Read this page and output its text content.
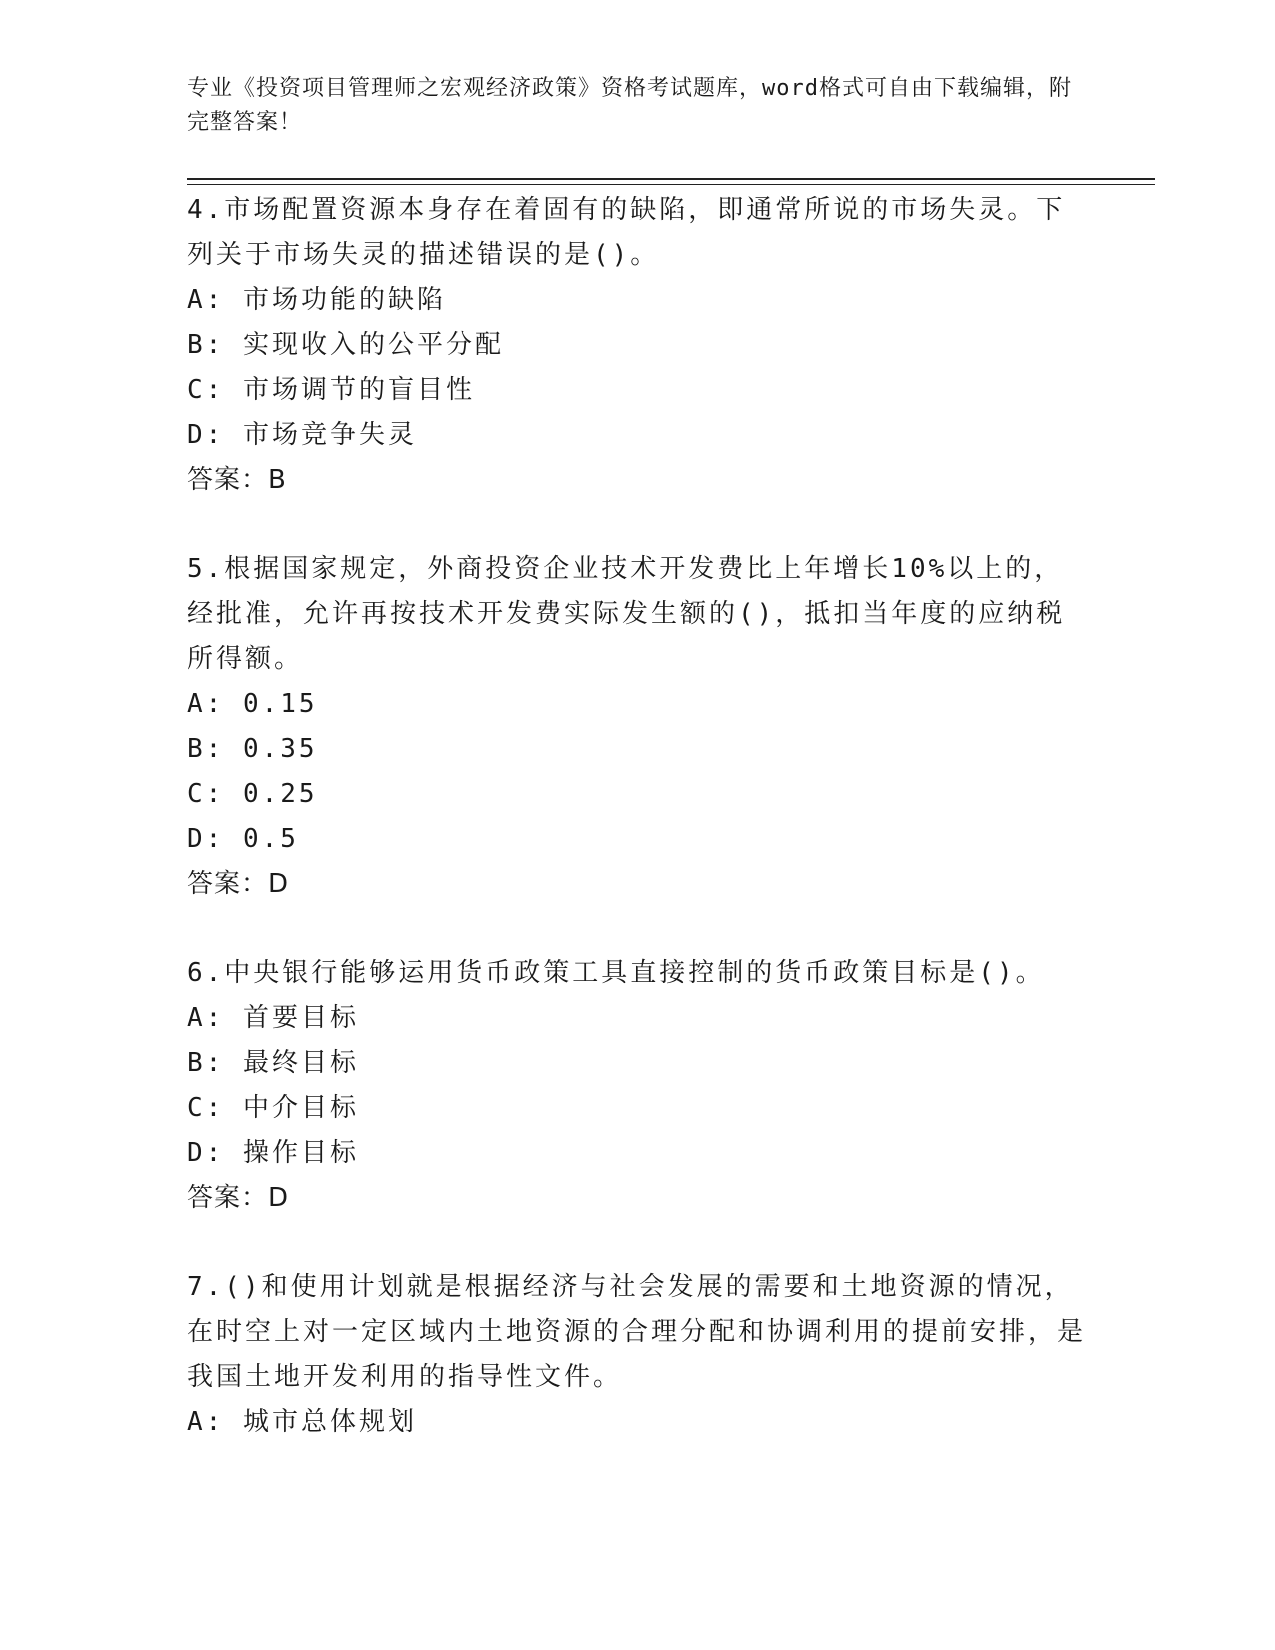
专业《投资项目管理师之宏观经济政策》资格考试题库，word格式可自由下载编辑，附完整答案！

4.市场配置资源本身存在着固有的缺陷，即通常所说的市场失灵。下列关于市场失灵的描述错误的是()。

A: 市场功能的缺陷

B: 实现收入的公平分配

C: 市场调节的盲目性

D: 市场竞争失灵

答案：B

5.根据国家规定，外商投资企业技术开发费比上年增长10%以上的，经批准，允许再按技术开发费实际发生额的()，抵扣当年度的应纳税所得额。

A: 0.15

B: 0.35

C: 0.25

D: 0.5

答案：D

6.中央银行能够运用货币政策工具直接控制的货币政策目标是()。

A: 首要目标

B: 最终目标

C: 中介目标

D: 操作目标

答案：D

7.()和使用计划就是根据经济与社会发展的需要和土地资源的情况，在时空上对一定区域内土地资源的合理分配和协调利用的提前安排，是我国土地开发利用的指导性文件。

A: 城市总体规划
